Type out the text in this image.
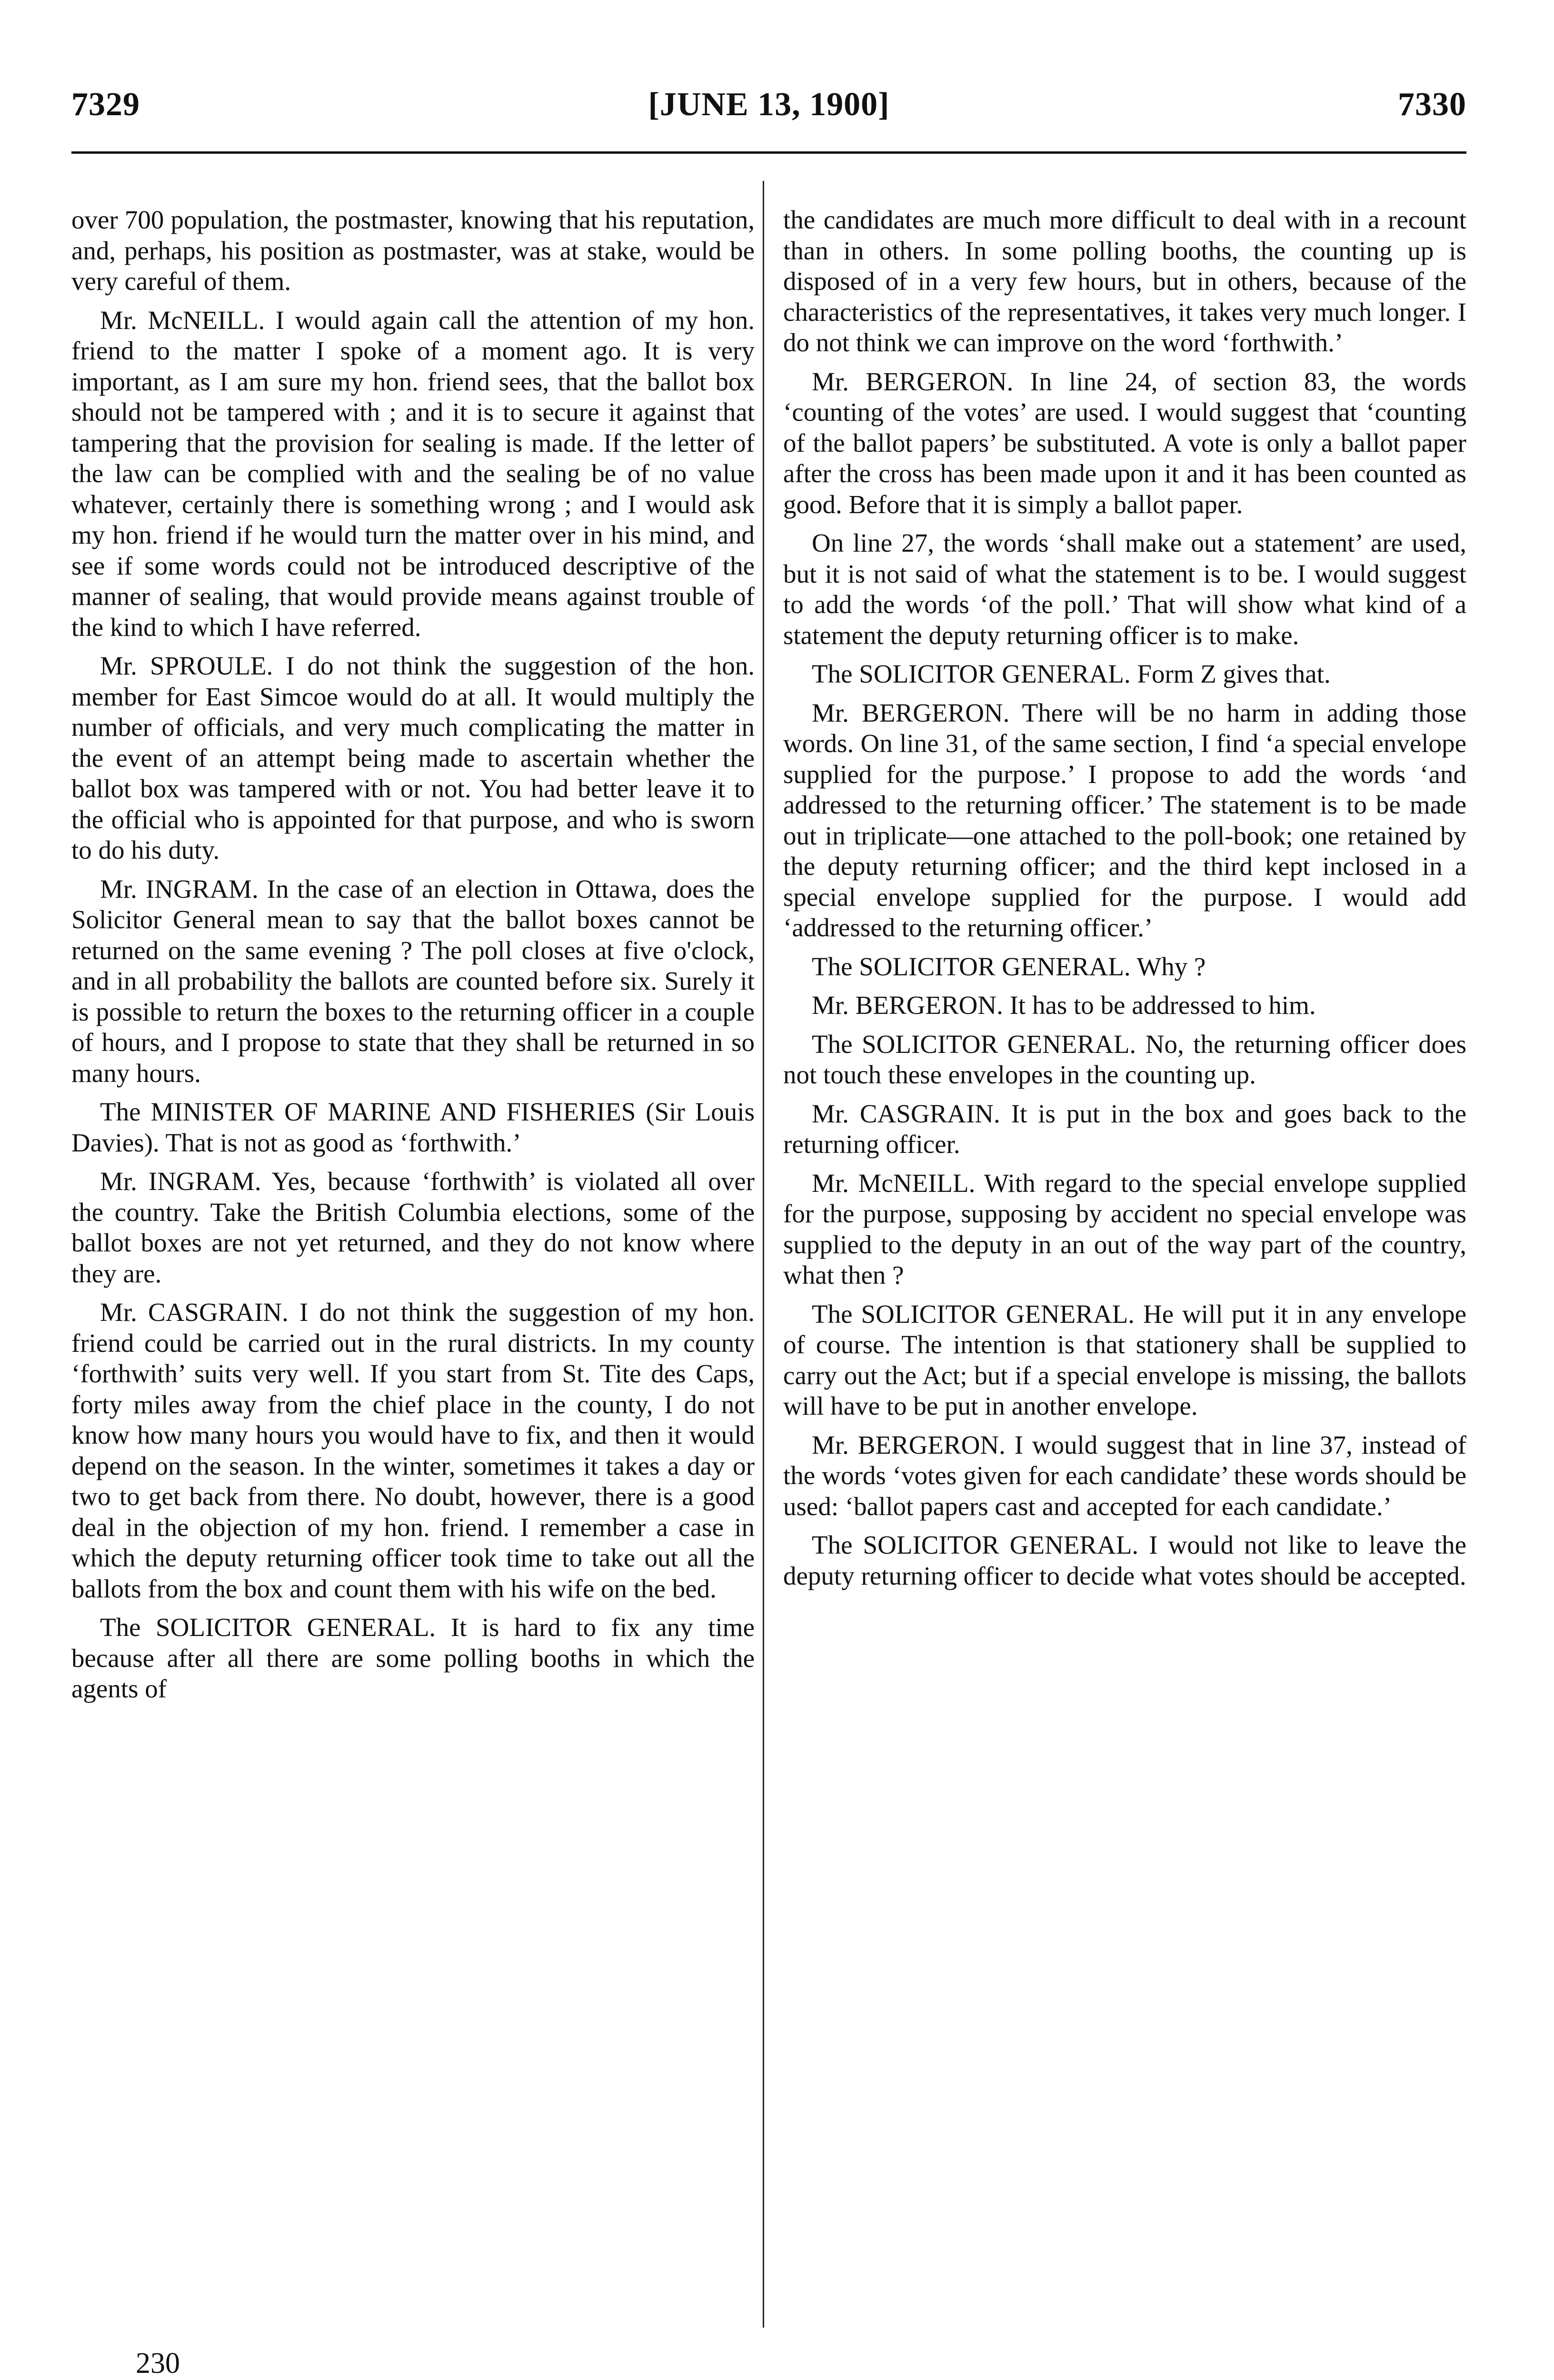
7329	[JUNE 13, 1900]	7330

over 700 population, the postmaster, knowing that his reputation, and, perhaps, his position as postmaster, was at stake, would be very careful of them.

Mr. McNEILL. I would again call the attention of my hon. friend to the matter I spoke of a moment ago. It is very important, as I am sure my hon. friend sees, that the ballot box should not be tampered with ; and it is to secure it against that tampering that the provision for sealing is made. If the letter of the law can be complied with and the sealing be of no value whatever, certainly there is something wrong ; and I would ask my hon. friend if he would turn the matter over in his mind, and see if some words could not be introduced descriptive of the manner of sealing, that would provide means against trouble of the kind to which I have referred.

Mr. SPROULE. I do not think the suggestion of the hon. member for East Simcoe would do at all. It would multiply the number of officials, and very much complicating the matter in the event of an attempt being made to ascertain whether the ballot box was tampered with or not. You had better leave it to the official who is appointed for that purpose, and who is sworn to do his duty.

Mr. INGRAM. In the case of an election in Ottawa, does the Solicitor General mean to say that the ballot boxes cannot be returned on the same evening ? The poll closes at five o'clock, and in all probability the ballots are counted before six. Surely it is possible to return the boxes to the returning officer in a couple of hours, and I propose to state that they shall be returned in so many hours.

The MINISTER OF MARINE AND FISHERIES (Sir Louis Davies). That is not as good as ‘forthwith.’

Mr. INGRAM. Yes, because ‘forthwith’ is violated all over the country. Take the British Columbia elections, some of the ballot boxes are not yet returned, and they do not know where they are.

Mr. CASGRAIN. I do not think the suggestion of my hon. friend could be carried out in the rural districts. In my county ‘forthwith’ suits very well. If you start from St. Tite des Caps, forty miles away from the chief place in the county, I do not know how many hours you would have to fix, and then it would depend on the season. In the winter, sometimes it takes a day or two to get back from there. No doubt, however, there is a good deal in the objection of my hon. friend. I remember a case in which the deputy returning officer took time to take out all the ballots from the box and count them with his wife on the bed.

The SOLICITOR GENERAL. It is hard to fix any time because after all there are some polling booths in which the agents of

the candidates are much more difficult to deal with in a recount than in others. In some polling booths, the counting up is disposed of in a very few hours, but in others, because of the characteristics of the representatives, it takes very much longer. I do not think we can improve on the word ‘forthwith.’

Mr. BERGERON. In line 24, of section 83, the words ‘counting of the votes’ are used. I would suggest that ‘counting of the ballot papers’ be substituted. A vote is only a ballot paper after the cross has been made upon it and it has been counted as good. Before that it is simply a ballot paper.

On line 27, the words ‘shall make out a statement’ are used, but it is not said of what the statement is to be. I would suggest to add the words ‘of the poll.’ That will show what kind of a statement the deputy returning officer is to make.

The SOLICITOR GENERAL. Form Z gives that.

Mr. BERGERON. There will be no harm in adding those words. On line 31, of the same section, I find ‘a special envelope supplied for the purpose.’ I propose to add the words ‘and addressed to the returning officer.’ The statement is to be made out in triplicate—one attached to the poll-book; one retained by the deputy returning officer; and the third kept inclosed in a special envelope supplied for the purpose. I would add ‘addressed to the returning officer.’

The SOLICITOR GENERAL. Why ?

Mr. BERGERON. It has to be addressed to him.

The SOLICITOR GENERAL. No, the returning officer does not touch these envelopes in the counting up.

Mr. CASGRAIN. It is put in the box and goes back to the returning officer.

Mr. McNEILL. With regard to the special envelope supplied for the purpose, supposing by accident no special envelope was supplied to the deputy in an out of the way part of the country, what then ?

The SOLICITOR GENERAL. He will put it in any envelope of course. The intention is that stationery shall be supplied to carry out the Act; but if a special envelope is missing, the ballots will have to be put in another envelope.

Mr. BERGERON. I would suggest that in line 37, instead of the words ‘votes given for each candidate’ these words should be used: ‘ballot papers cast and accepted for each candidate.’

The SOLICITOR GENERAL. I would not like to leave the deputy returning officer to decide what votes should be accepted.

230
